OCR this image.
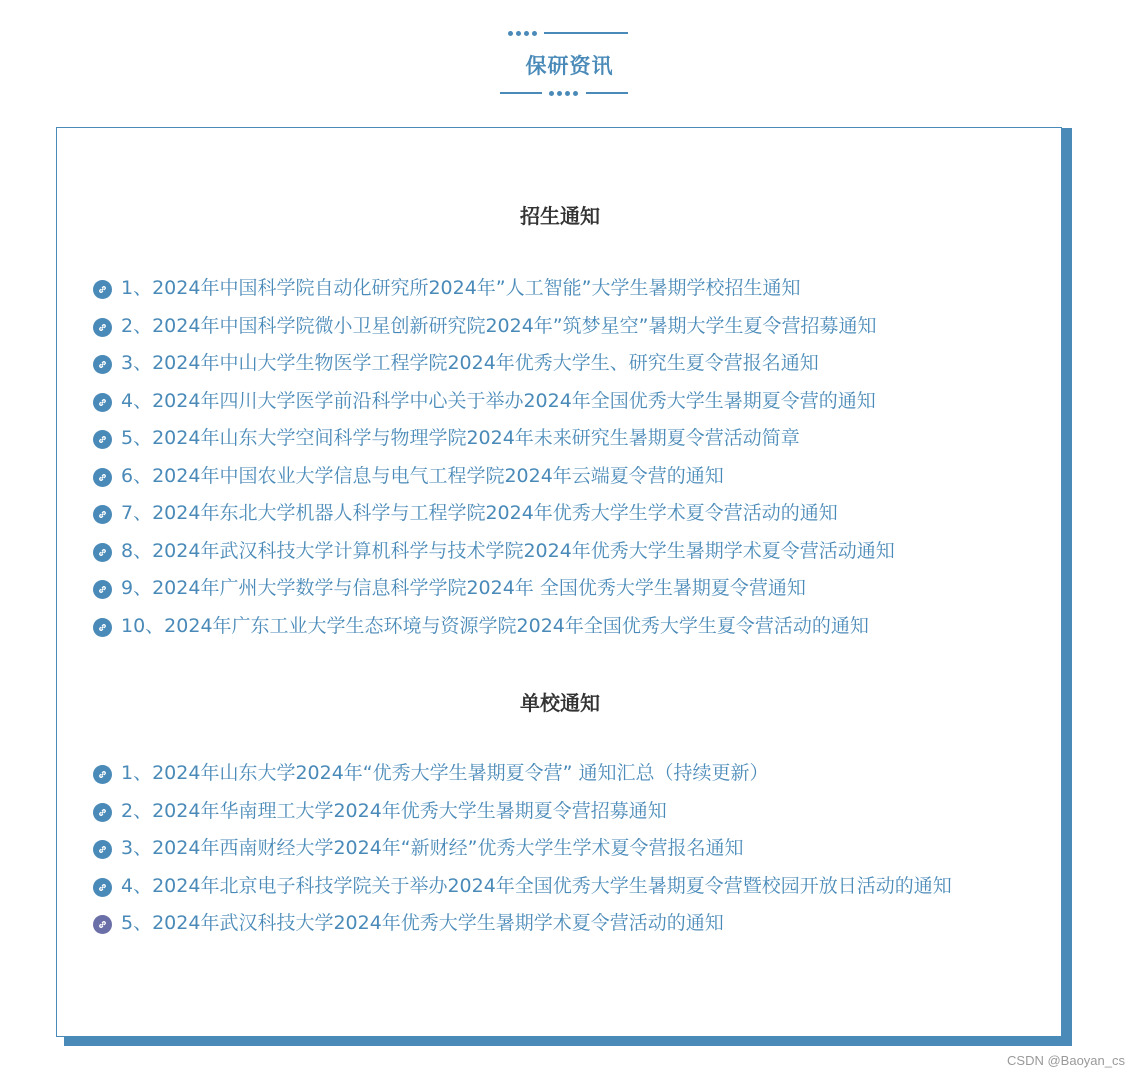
保研资讯
招生通知
1、2024年中国科学院自动化研究所2024年”人工智能”大学生暑期学校招生通知
2、2024年中国科学院微小卫星创新研究院2024年”筑梦星空”暑期大学生夏令营招募通知
3、2024年中山大学生物医学工程学院2024年优秀大学生、研究生夏令营报名通知
4、2024年四川大学医学前沿科学中心关于举办2024年全国优秀大学生暑期夏令营的通知
5、2024年山东大学空间科学与物理学院2024年未来研究生暑期夏令营活动简章
6、2024年中国农业大学信息与电气工程学院2024年云端夏令营的通知
7、2024年东北大学机器人科学与工程学院2024年优秀大学生学术夏令营活动的通知
8、2024年武汉科技大学计算机科学与技术学院2024年优秀大学生暑期学术夏令营活动通知
9、2024年广州大学数学与信息科学学院2024年 全国优秀大学生暑期夏令营通知
10、2024年广东工业大学生态环境与资源学院2024年全国优秀大学生夏令营活动的通知
单校通知
1、2024年山东大学2024年“优秀大学生暑期夏令营” 通知汇总（持续更新）
2、2024年华南理工大学2024年优秀大学生暑期夏令营招募通知
3、2024年西南财经大学2024年“新财经”优秀大学生学术夏令营报名通知
4、2024年北京电子科技学院关于举办2024年全国优秀大学生暑期夏令营暨校园开放日活动的通知
5、2024年武汉科技大学2024年优秀大学生暑期学术夏令营活动的通知
CSDN @Baoyan_cs
